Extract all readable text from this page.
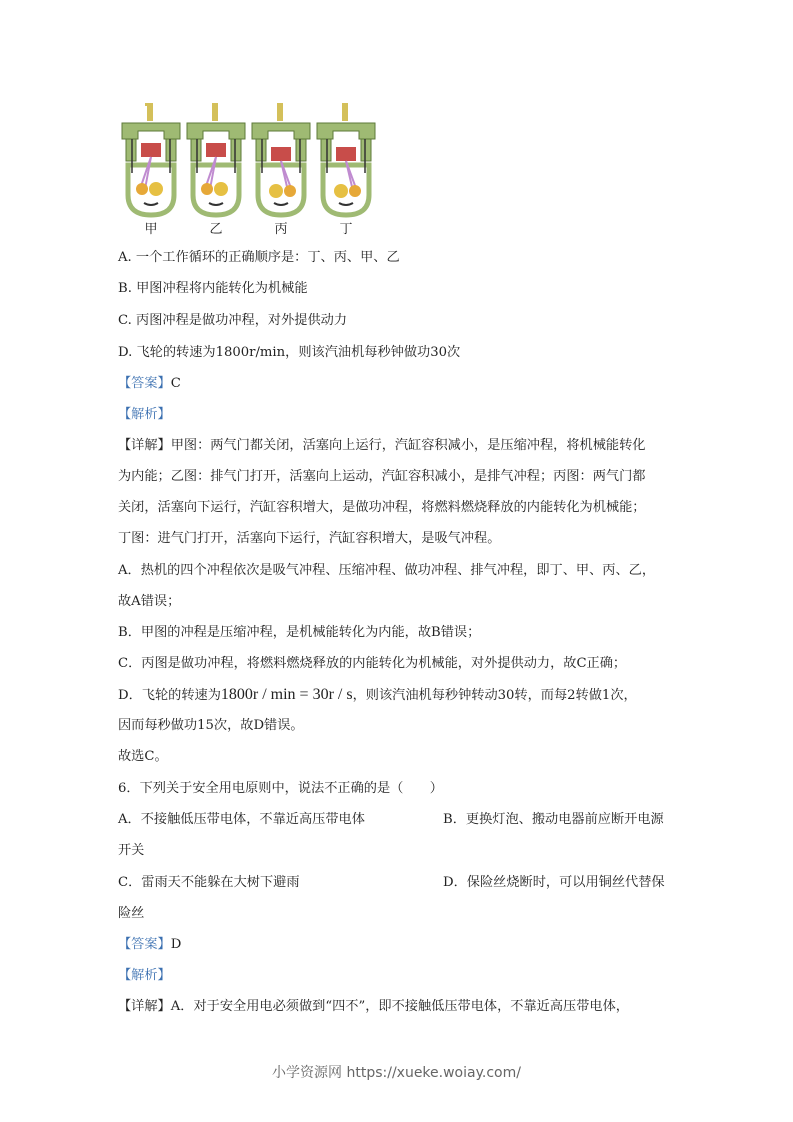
甲	乙	丙	丁
A. 一个工作循环的正确顺序是：丁、丙、甲、乙
B. 甲图冲程将内能转化为机械能
C. 丙图冲程是做功冲程，对外提供动力
D. 飞轮的转速为1800r/min，则该汽油机每秒钟做功30次
【答案】C
【解析】
【详解】甲图：两气门都关闭，活塞向上运行，汽缸容积减小，是压缩冲程，将机械能转化
为内能；乙图：排气门打开，活塞向上运动，汽缸容积减小，是排气冲程；丙图：两气门都
关闭，活塞向下运行，汽缸容积增大，是做功冲程，将燃料燃烧释放的内能转化为机械能；
丁图：进气门打开，活塞向下运行，汽缸容积增大，是吸气冲程。
A．热机的四个冲程依次是吸气冲程、压缩冲程、做功冲程、排气冲程，即丁、甲、丙、乙，
故A错误；
B．甲图的冲程是压缩冲程，是机械能转化为内能，故B错误；
C．丙图是做功冲程，将燃料燃烧释放的内能转化为机械能，对外提供动力，故C正确；
D．飞轮的转速为1800r / min = 30r / s，则该汽油机每秒钟转动30转，而每2转做1次，
因而每秒做功15次，故D错误。
故选C。
6．下列关于安全用电原则中，说法不正确的是（　　）
A．不接触低压带电体，不靠近高压带电体	B．更换灯泡、搬动电器前应断开电源
开关
C．雷雨天不能躲在大树下避雨	D．保险丝烧断时，可以用铜丝代替保
险丝
【答案】D
【解析】
【详解】A．对于安全用电必须做到“四不”，即不接触低压带电体，不靠近高压带电体，
小学资源网 https://xueke.woiay.com/
